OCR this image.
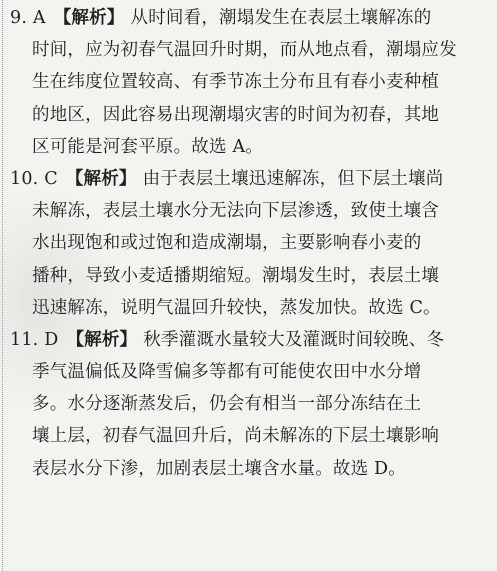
9. A 【解析】 从时间看，潮塌发生在表层土壤解冻的
时间，应为初春气温回升时期，而从地点看，潮塌应发
生在纬度位置较高、有季节冻土分布且有春小麦种植
的地区，因此容易出现潮塌灾害的时间为初春，其地
区可能是河套平原。故选 A。
10. C 【解析】 由于表层土壤迅速解冻，但下层土壤尚
未解冻，表层土壤水分无法向下层渗透，致使土壤含
水出现饱和或过饱和造成潮塌，主要影响春小麦的
播种，导致小麦适播期缩短。潮塌发生时，表层土壤
迅速解冻，说明气温回升较快，蒸发加快。故选 C。
11. D 【解析】 秋季灌溉水量较大及灌溉时间较晚、冬
季气温偏低及降雪偏多等都有可能使农田中水分增
多。水分逐渐蒸发后，仍会有相当一部分冻结在土
壤上层，初春气温回升后，尚未解冻的下层土壤影响
表层水分下渗，加剧表层土壤含水量。故选 D。
